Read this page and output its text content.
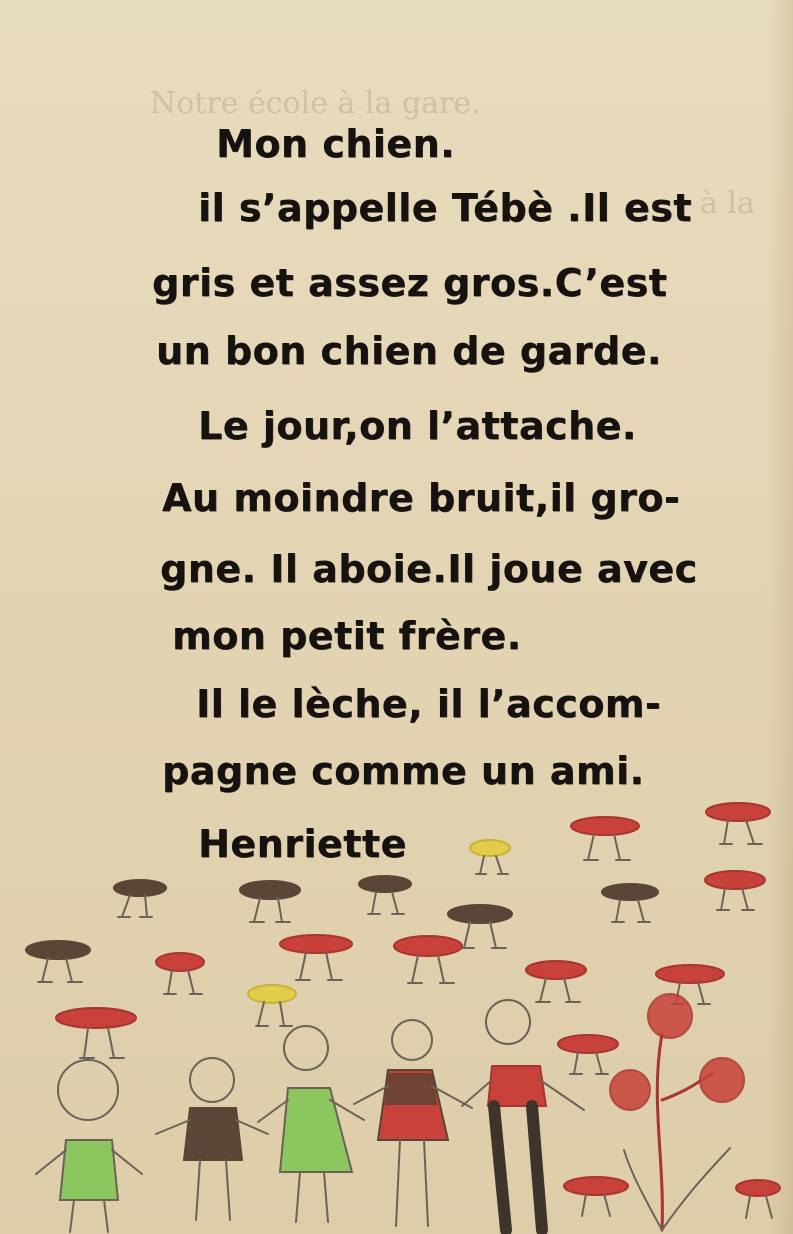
Notre école à la gare.
à la
Mon chien.
il s’appelle Tébè .Il est
gris et assez gros.C’est
un bon chien de garde.
Le jour,on l’attache.
Au moindre bruit,il gro-
gne. Il aboie.Il joue avec
mon petit frère.
Il le lèche, il l’accom-
pagne comme un ami.
Henriette
